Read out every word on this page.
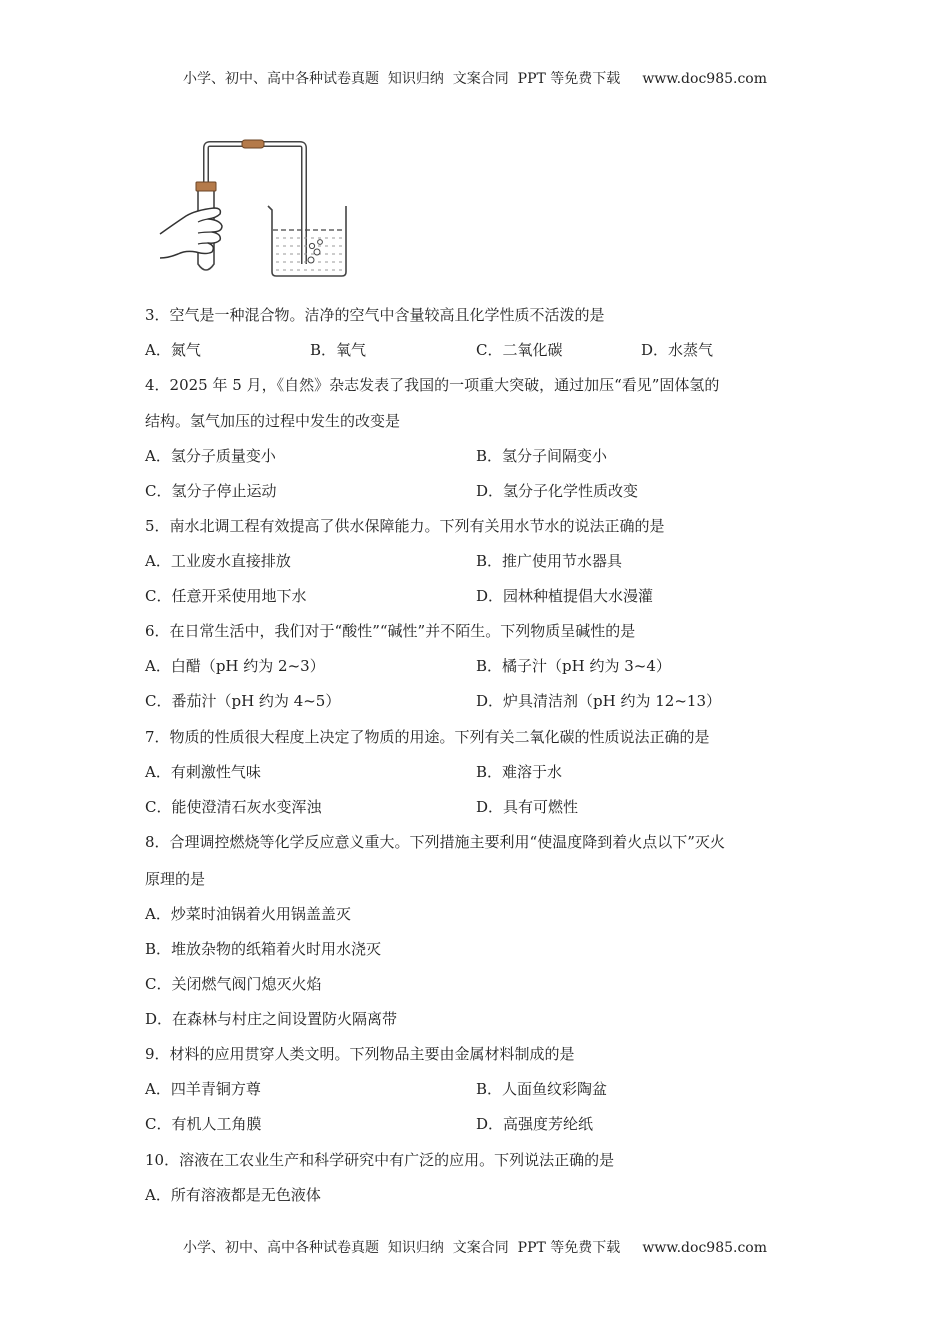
小学、初中、高中各种试卷真题  知识归纳  文案合同  PPT 等免费下载 www.doc985.com
3．空气是一种混合物。洁净的空气中含量较高且化学性质不活泼的是
A．氮气	B．氧气	C．二氧化碳	D．水蒸气
4．2025 年 5 月，《自然》杂志发表了我国的一项重大突破，通过加压“看见”固体氢的
结构。氢气加压的过程中发生的改变是
A．氢分子质量变小	B．氢分子间隔变小
C．氢分子停止运动	D．氢分子化学性质改变
5．南水北调工程有效提高了供水保障能力。下列有关用水节水的说法正确的是
A．工业废水直接排放	B．推广使用节水器具
C．任意开采使用地下水	D．园林种植提倡大水漫灌
6．在日常生活中，我们对于“酸性”“碱性”并不陌生。下列物质呈碱性的是
A．白醋（pH 约为 2~3）	B．橘子汁（pH 约为 3~4）
C．番茄汁（pH 约为 4~5）	D．炉具清洁剂（pH 约为 12~13）
7．物质的性质很大程度上决定了物质的用途。下列有关二氧化碳的性质说法正确的是
A．有刺激性气味	B．难溶于水
C．能使澄清石灰水变浑浊	D．具有可燃性
8．合理调控燃烧等化学反应意义重大。下列措施主要利用“使温度降到着火点以下”灭火
原理的是
A．炒菜时油锅着火用锅盖盖灭
B．堆放杂物的纸箱着火时用水浇灭
C．关闭燃气阀门熄灭火焰
D．在森林与村庄之间设置防火隔离带
9．材料的应用贯穿人类文明。下列物品主要由金属材料制成的是
A．四羊青铜方尊	B．人面鱼纹彩陶盆
C．有机人工角膜	D．高强度芳纶纸
10．溶液在工农业生产和科学研究中有广泛的应用。下列说法正确的是
A．所有溶液都是无色液体
小学、初中、高中各种试卷真题  知识归纳  文案合同  PPT 等免费下载 www.doc985.com
